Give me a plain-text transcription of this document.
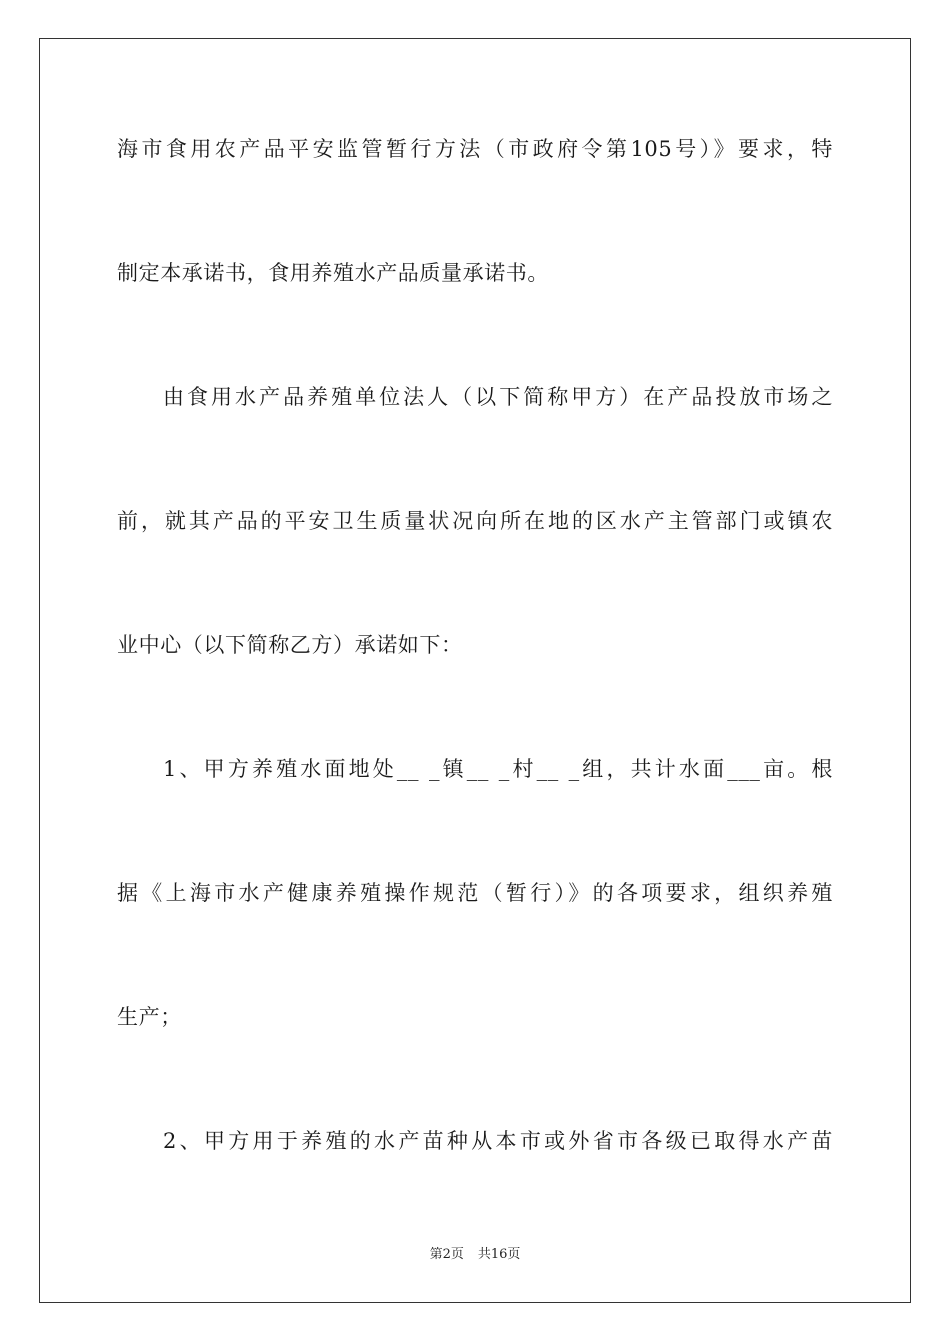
海市食用农产品平安监管暂行方法（市政府令第105号）》要求，特
制定本承诺书，食用养殖水产品质量承诺书。
由食用水产品养殖单位法人（以下简称甲方）在产品投放市场之
前，就其产品的平安卫生质量状况向所在地的区水产主管部门或镇农
业中心（以下简称乙方）承诺如下：
1、甲方养殖水面地处__ _镇__ _村__ _组，共计水面___亩。根
据《上海市水产健康养殖操作规范（暂行）》的各项要求，组织养殖
生产；
2、甲方用于养殖的水产苗种从本市或外省市各级已取得水产苗
第2页 共16页
